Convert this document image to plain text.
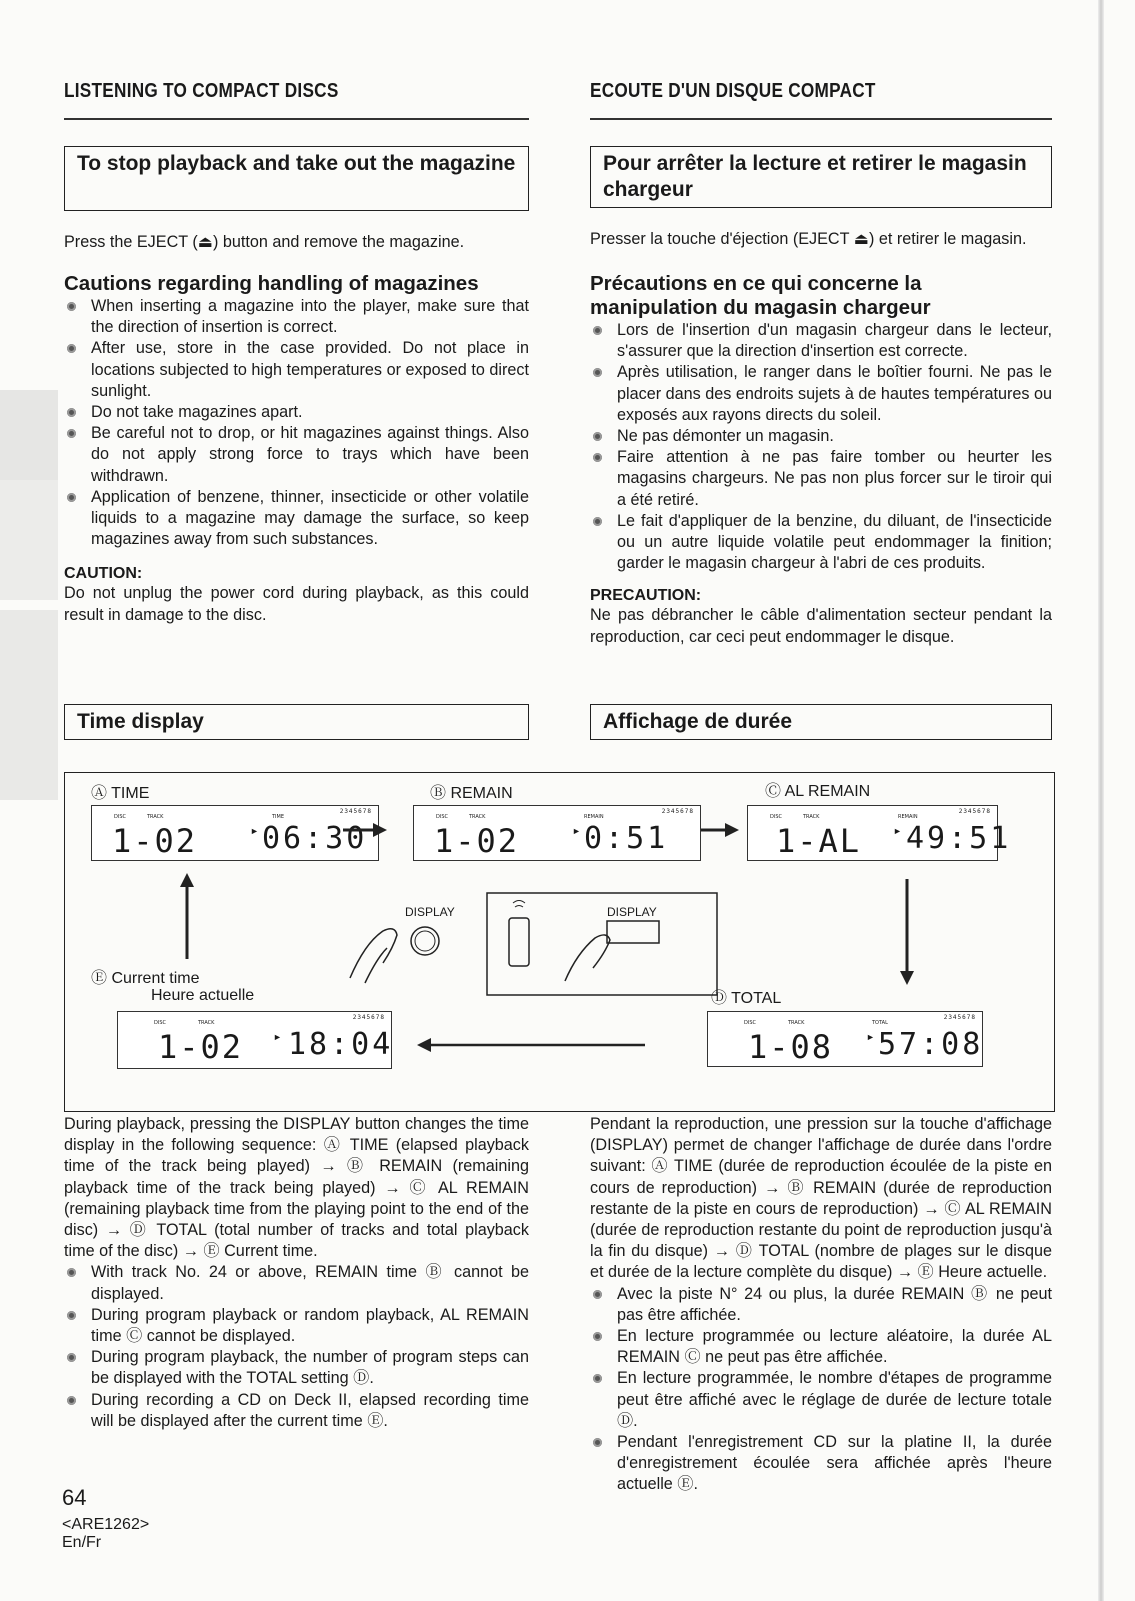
LISTENING TO COMPACT DISCS	ECOUTE D'UN DISQUE COMPACT
To stop playback and take out the magazine	Pour arrêter la lecture et retirer le magasin chargeur
Press the EJECT (⏏) button and remove the magazine.	Presser la touche d'éjection (EJECT ⏏) et retirer le magasin.
Cautions regarding handling of magazines
When inserting a magazine into the player, make sure that the direction of insertion is correct.
After use, store in the case provided. Do not place in locations subjected to high temperatures or exposed to direct sunlight.
Do not take magazines apart.
Be careful not to drop, or hit magazines against things. Also do not apply strong force to trays which have been withdrawn.
Application of benzene, thinner, insecticide or other volatile liquids to a magazine may damage the surface, so keep magazines away from such substances.
CAUTION:
Do not unplug the power cord during playback, as this could result in damage to the disc.
Précautions en ce qui concerne la manipulation du magasin chargeur
Lors de l'insertion d'un magasin chargeur dans le lecteur, s'assurer que la direction d'insertion est correcte.
Après utilisation, le ranger dans le boîtier fourni. Ne pas le placer dans des endroits sujets à de hautes températures ou exposés aux rayons directs du soleil.
Ne pas démonter un magasin.
Faire attention à ne pas faire tomber ou heurter les magasins chargeurs. Ne pas non plus forcer sur le tiroir qui a été retiré.
Le fait d'appliquer de la benzine, du diluant, de l'insecticide ou un autre liquide volatile peut endommager la finition; garder le magasin chargeur à l'abri de ces produits.
PRECAUTION:
Ne pas débrancher le câble d'alimentation secteur pendant la reproduction, car ceci peut endommager le disque.
Time display	Affichage de durée
Ⓐ TIME	Ⓑ REMAIN	Ⓒ AL REMAIN
2345678
DISC	TRACK	TIME
1-02	► 06:30
2345678
DISC	TRACK	REMAIN
1-02	► 0:51
2345678
DISC	TRACK	REMAIN
1-AL	► 49:51
DISPLAY	DISPLAY
Ⓔ Current time
Heure actuelle	Ⓓ TOTAL
2345678
DISC	TRACK
1-02	► 18:04
2345678
DISC	TRACK	TOTAL
1-08	► 57:08
During playback, pressing the DISPLAY button changes the time display in the following sequence: Ⓐ TIME (elapsed playback time of the track being played) → Ⓑ REMAIN (remaining playback time of the track being played) → Ⓒ AL REMAIN (remaining playback time from the playing point to the end of the disc) → Ⓓ TOTAL (total number of tracks and total playback time of the disc) → Ⓔ Current time.
With track No. 24 or above, REMAIN time Ⓑ cannot be displayed.
During program playback or random playback, AL REMAIN time Ⓒ cannot be displayed.
During program playback, the number of program steps can be displayed with the TOTAL setting Ⓓ.
During recording a CD on Deck II, elapsed recording time will be displayed after the current time Ⓔ.
Pendant la reproduction, une pression sur la touche d'affichage (DISPLAY) permet de changer l'affichage de durée dans l'ordre suivant: Ⓐ TIME (durée de reproduction écoulée de la piste en cours de reproduction) → Ⓑ REMAIN (durée de reproduction restante de la piste en cours de reproduction) → Ⓒ AL REMAIN (durée de reproduction restante du point de reproduction jusqu'à la fin du disque) → Ⓓ TOTAL (nombre de plages sur le disque et durée de la lecture complète du disque) → Ⓔ Heure actuelle.
Avec la piste N° 24 ou plus, la durée REMAIN Ⓑ ne peut pas être affichée.
En lecture programmée ou lecture aléatoire, la durée AL REMAIN Ⓒ ne peut pas être affichée.
En lecture programmée, le nombre d'étapes de programme peut être affiché avec le réglage de durée de lecture totale Ⓓ.
Pendant l'enregistrement CD sur la platine II, la durée d'enregistrement écoulée sera affichée après l'heure actuelle Ⓔ.
64
<ARE1262>
En/Fr
